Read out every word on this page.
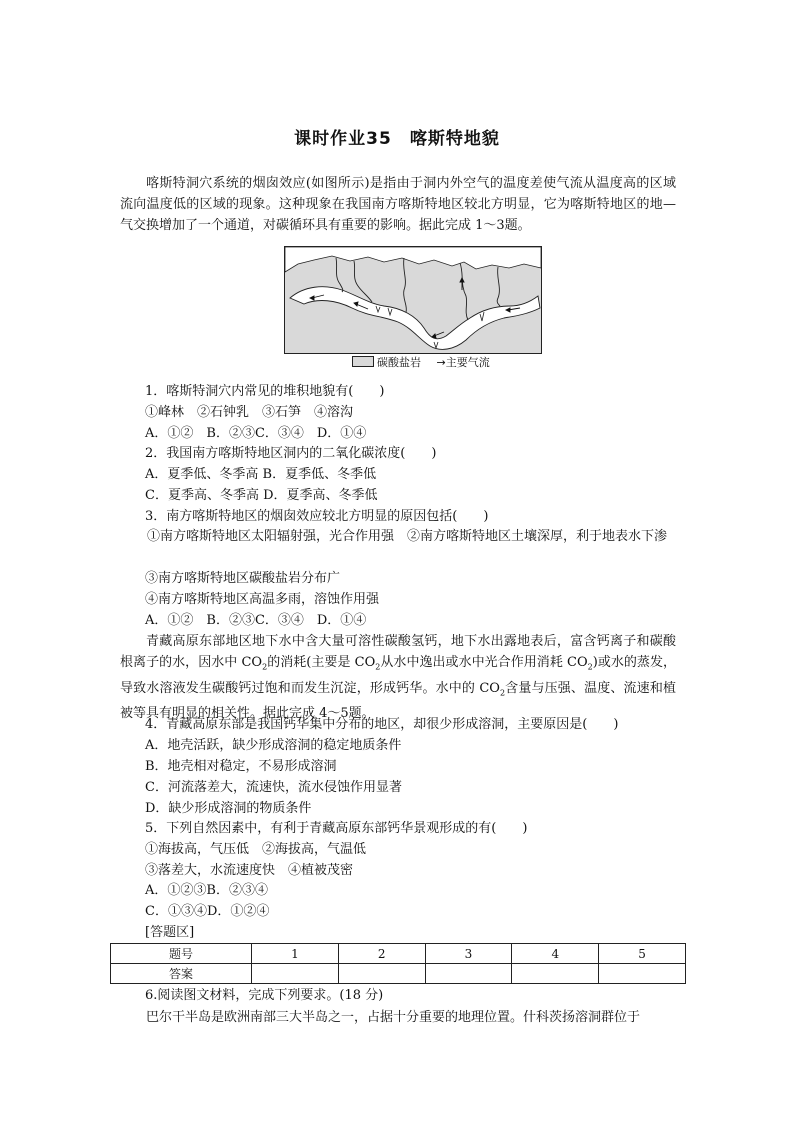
课时作业35　喀斯特地貌
喀斯特洞穴系统的烟囱效应(如图所示)是指由于洞内外空气的温度差使气流从温度高的区域流向温度低的区域的现象。这种现象在我国南方喀斯特地区较北方明显，它为喀斯特地区的地—气交换增加了一个通道，对碳循环具有重要的影响。据此完成 1～3题。
碳酸盐岩 →主要气流
1．喀斯特洞穴内常见的堆积地貌有(　　)
①峰林　②石钟乳　③石笋　④溶沟
A．①②　B．②③C．③④　D．①④
2．我国南方喀斯特地区洞内的二氧化碳浓度(　　)
A．夏季低、冬季高 B．夏季低、冬季低
C．夏季高、冬季高 D．夏季高、冬季低
3．南方喀斯特地区的烟囱效应较北方明显的原因包括(　　)
①南方喀斯特地区太阳辐射强，光合作用强　②南方喀斯特地区土壤深厚，利于地表水下渗
③南方喀斯特地区碳酸盐岩分布广
④南方喀斯特地区高温多雨，溶蚀作用强
A．①②　B．②③C．③④　D．①④
青藏高原东部地区地下水中含大量可溶性碳酸氢钙，地下水出露地表后，富含钙离子和碳酸根离子的水，因水中 $CO_2$的消耗(主要是 $CO_2$从水中逸出或水中光合作用消耗 $CO_2$)或水的蒸发，导致水溶液发生碳酸钙过饱和而发生沉淀，形成钙华。水中的 $CO_2$含量与压强、温度、流速和植被等具有明显的相关性。据此完成 4～5题。
4．青藏高原东部是我国钙华集中分布的地区，却很少形成溶洞，主要原因是(　　)
A．地壳活跃，缺少形成溶洞的稳定地质条件
B．地壳相对稳定，不易形成溶洞
C．河流落差大，流速快，流水侵蚀作用显著
D．缺少形成溶洞的物质条件
5．下列自然因素中，有利于青藏高原东部钙华景观形成的有(　　)
①海拔高，气压低　②海拔高，气温低
③落差大，水流速度快　④植被茂密
A．①②③B．②③④
C．①③④D．①②④
[答题区]
题号	1	2	3	4	5
答案					
6.阅读图文材料，完成下列要求。(18 分)
巴尔干半岛是欧洲南部三大半岛之一，占据十分重要的地理位置。什科茨扬溶洞群位于
